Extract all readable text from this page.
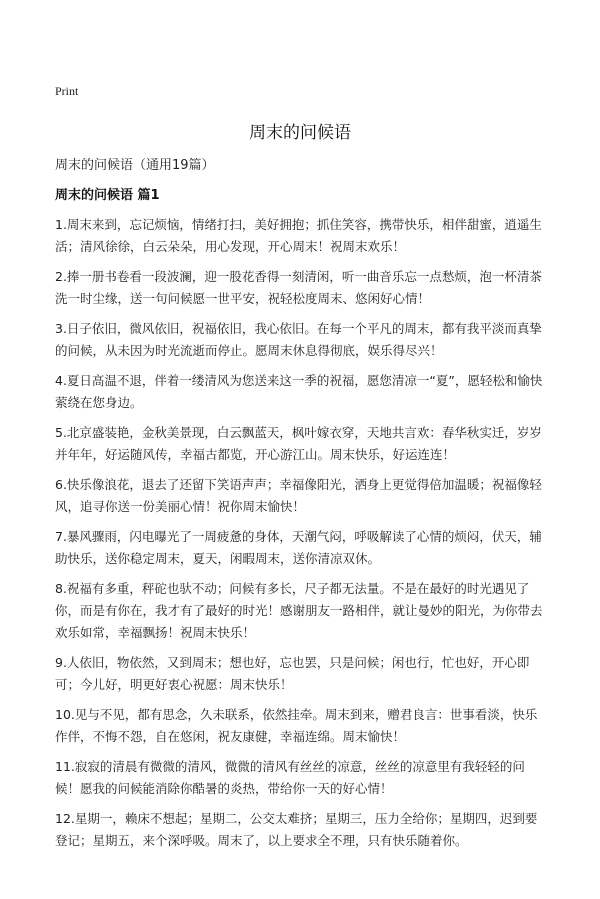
Print
周末的问候语
周末的问候语（通用19篇）
周末的问候语 篇1

1.周末来到，忘记烦恼，情绪打扫，美好拥抱；抓住笑容，携带快乐，相伴甜蜜，逍遥生活；清风徐徐，白云朵朵，用心发现，开心周末！祝周末欢乐！

2.捧一册书卷看一段波澜，迎一股花香得一刻清闲，听一曲音乐忘一点愁烦，泡一杯清茶洗一时尘缘，送一句问候愿一世平安，祝轻松度周末、悠闲好心情！

3.日子依旧，微风依旧，祝福依旧，我心依旧。在每一个平凡的周末，都有我平淡而真挚的问候，从未因为时光流逝而停止。愿周末休息得彻底，娱乐得尽兴！

4.夏日高温不退，伴着一缕清风为您送来这一季的祝福，愿您清凉一“夏”，愿轻松和愉快萦绕在您身边。

5.北京盛装艳，金秋美景现，白云飘蓝天，枫叶嫁衣穿，天地共言欢：春华秋实迁，岁岁并年年，好运随风传，幸福古都览，开心游江山。周末快乐，好运连连！

6.快乐像浪花，退去了还留下笑语声声；幸福像阳光，洒身上更觉得倍加温暖；祝福像轻风，追寻你送一份美丽心情！祝你周末愉快！

7.暴风骤雨，闪电曝光了一周疲惫的身体，天潮气闷，呼吸解读了心情的烦闷，伏天，辅助快乐，送你稳定周末，夏天，闲暇周末，送你清凉双休。

8.祝福有多重，秤砣也驮不动；问候有多长，尺子都无法量。不是在最好的时光遇见了你，而是有你在，我才有了最好的时光！感谢朋友一路相伴，就让曼妙的阳光，为你带去欢乐如常，幸福飘扬！祝周末快乐！

9.人依旧，物依然，又到周末；想也好，忘也罢，只是问候；闲也行，忙也好，开心即可；今儿好，明更好衷心祝愿：周末快乐！

10.见与不见，都有思念，久未联系，依然挂牵。周末到来，赠君良言：世事看淡，快乐作伴，不悔不怨，自在悠闲，祝友康健，幸福连绵。周末愉快！

11.寂寂的清晨有微微的清风，微微的清风有丝丝的凉意，丝丝的凉意里有我轻轻的问候！愿我的问候能消除你酷暑的炎热，带给你一天的好心情！

12.星期一，赖床不想起；星期二，公交太难挤；星期三，压力全给你；星期四，迟到要登记；星期五，来个深呼吸。周末了，以上要求全不理，只有快乐随着你。
